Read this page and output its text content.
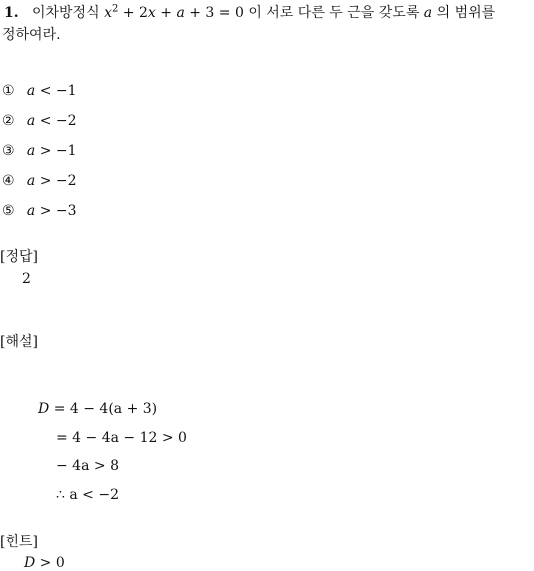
1. 이차방정식 $x^2 + 2x + a + 3 = 0$ 이 서로 다른 두 근을 갖도록 a 의 범위를
정하여라.
① a < −1
② a < −2
③ a > −1
④ a > −2
⑤ a > −3
[정답]
2
[해설]
D = 4 − 4(a + 3)
= 4 − 4a − 12 > 0
− 4a > 8
∴ a < −2
[힌트]
D > 0
